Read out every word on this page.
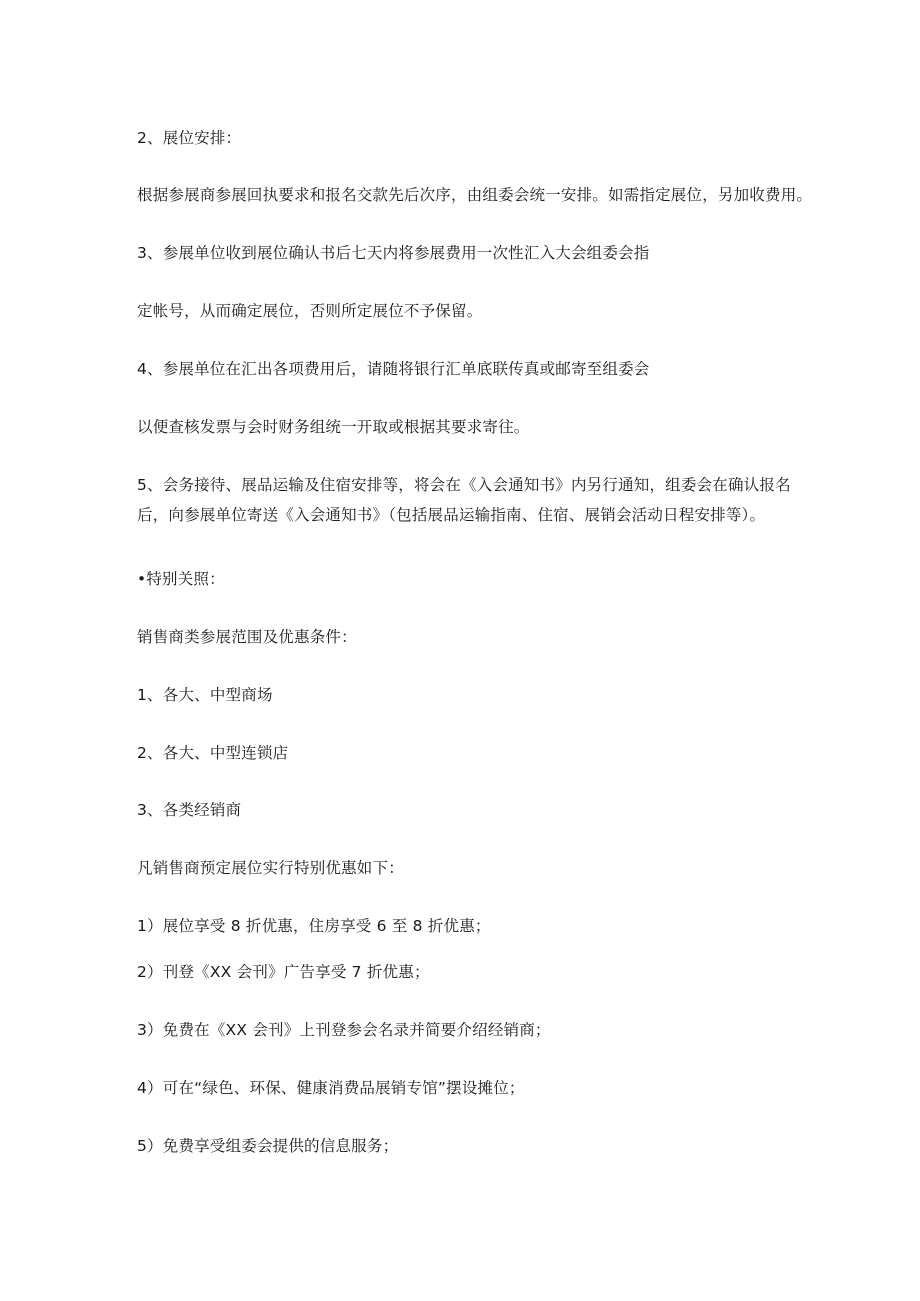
2、展位安排：
根据参展商参展回执要求和报名交款先后次序，由组委会统一安排。如需指定展位，另加收费用。
3、参展单位收到展位确认书后七天内将参展费用一次性汇入大会组委会指
定帐号，从而确定展位，否则所定展位不予保留。
4、参展单位在汇出各项费用后，请随将银行汇单底联传真或邮寄至组委会
以便查核发票与会时财务组统一开取或根据其要求寄往。
5、会务接待、展品运输及住宿安排等，将会在《入会通知书》内另行通知，组委会在确认报名后，向参展单位寄送《入会通知书》（包括展品运输指南、住宿、展销会活动日程安排等）。
•特别关照：
销售商类参展范围及优惠条件：
1、各大、中型商场
2、各大、中型连锁店
3、各类经销商
凡销售商预定展位实行特别优惠如下：
1）展位享受 8 折优惠，住房享受 6 至 8 折优惠；
2）刊登《XX 会刊》广告享受 7 折优惠；
3）免费在《XX 会刊》上刊登参会名录并简要介绍经销商；
4）可在“绿色、环保、健康消费品展销专馆”摆设摊位；
5）免费享受组委会提供的信息服务；
